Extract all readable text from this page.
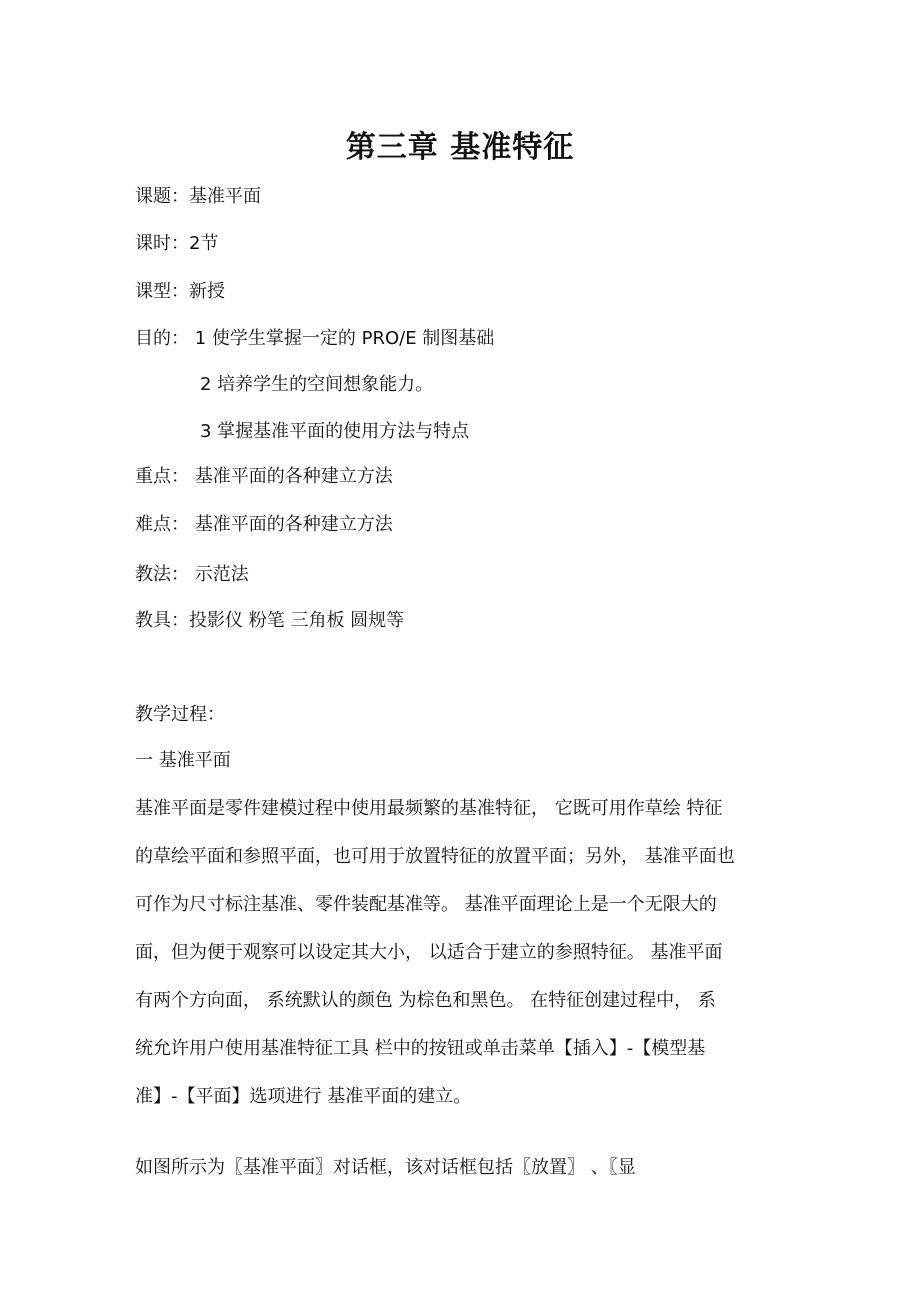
第三章 基准特征
课题：基准平面
课时：2节
课型：新授
目的： 1 使学生掌握一定的 PRO/E 制图基础
2 培养学生的空间想象能力。
3 掌握基准平面的使用方法与特点
重点： 基准平面的各种建立方法
难点： 基准平面的各种建立方法
教法： 示范法
教具：投影仪 粉笔 三角板 圆规等
教学过程：
一 基准平面
基准平面是零件建模过程中使用最频繁的基准特征， 它既可用作草绘 特征
的草绘平面和参照平面，也可用于放置特征的放置平面；另外， 基准平面也
可作为尺寸标注基准、零件装配基准等。 基准平面理论上是一个无限大的
面，但为便于观察可以设定其大小， 以适合于建立的参照特征。 基准平面
有两个方向面， 系统默认的颜色 为棕色和黑色。 在特征创建过程中， 系
统允许用户使用基准特征工具 栏中的按钮或单击菜单【插入】-【模型基
准】-【平面】选项进行 基准平面的建立。
如图所示为〖基准平面〗对话框，该对话框包括〖放置〗 、〖显
